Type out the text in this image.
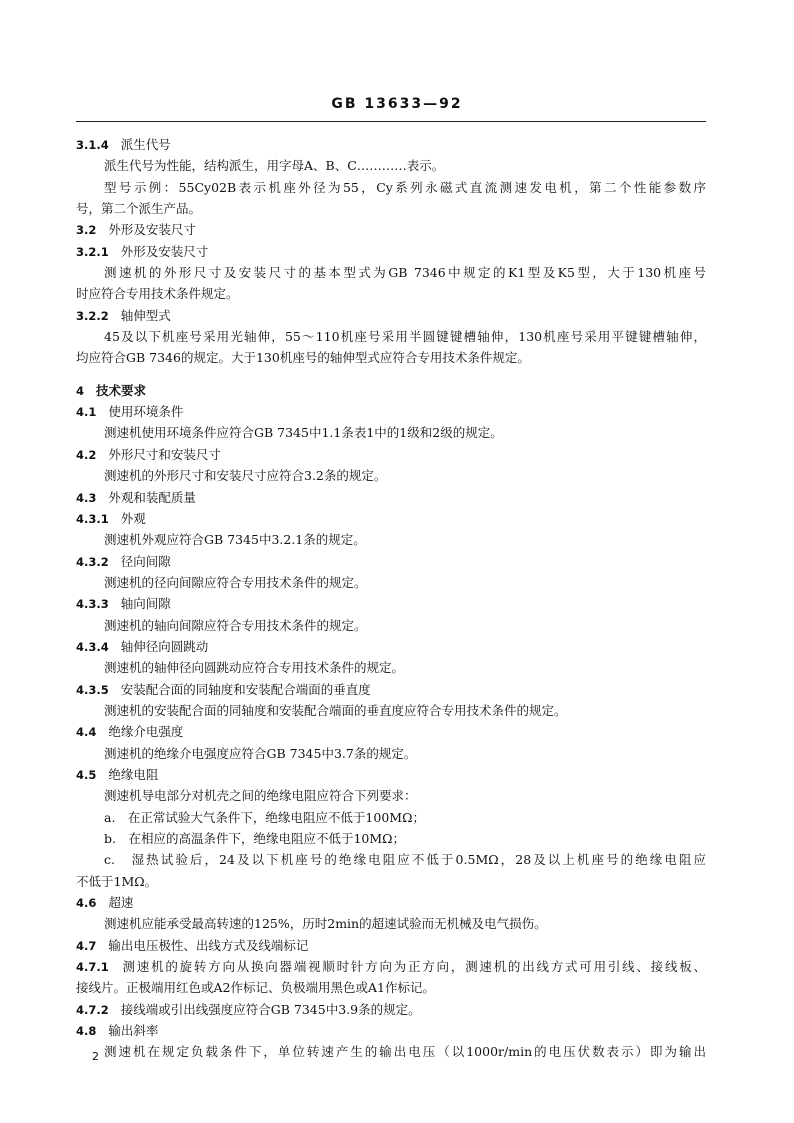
GB 13633—92
3.1.4 派生代号
派生代号为性能，结构派生，用字母A、B、C…………表示。
型号示例：55Cy02B表示机座外径为55，Cy系列永磁式直流测速发电机，第二个性能参数序
号，第二个派生产品。
3.2 外形及安装尺寸
3.2.1 外形及安装尺寸
测速机的外形尺寸及安装尺寸的基本型式为GB 7346中规定的K1型及K5型，大于130机座号
时应符合专用技术条件规定。
3.2.2 轴伸型式
45及以下机座号采用光轴伸，55～110机座号采用半圆键键槽轴伸，130机座号采用平键键槽轴伸，
均应符合GB 7346的规定。大于130机座号的轴伸型式应符合专用技术条件规定。
4 技术要求
4.1 使用环境条件
测速机使用环境条件应符合GB 7345中1.1条表1中的1级和2级的规定。
4.2 外形尺寸和安装尺寸
测速机的外形尺寸和安装尺寸应符合3.2条的规定。
4.3 外观和装配质量
4.3.1 外观
测速机外观应符合GB 7345中3.2.1条的规定。
4.3.2 径向间隙
测速机的径向间隙应符合专用技术条件的规定。
4.3.3 轴向间隙
测速机的轴向间隙应符合专用技术条件的规定。
4.3.4 轴伸径向圆跳动
测速机的轴伸径向圆跳动应符合专用技术条件的规定。
4.3.5 安装配合面的同轴度和安装配合端面的垂直度
测速机的安装配合面的同轴度和安装配合端面的垂直度应符合专用技术条件的规定。
4.4 绝缘介电强度
测速机的绝缘介电强度应符合GB 7345中3.7条的规定。
4.5 绝缘电阻
测速机导电部分对机壳之间的绝缘电阻应符合下列要求：
a.　在正常试验大气条件下，绝缘电阻应不低于100MΩ；
b.　在相应的高温条件下，绝缘电阻应不低于10MΩ；
c.　湿热试验后，24及以下机座号的绝缘电阻应不低于0.5MΩ，28及以上机座号的绝缘电阻应
不低于1MΩ。
4.6 超速
测速机应能承受最高转速的125%，历时2min的超速试验而无机械及电气损伤。
4.7 输出电压极性、出线方式及线端标记
4.7.1 测速机的旋转方向从换向器端视顺时针方向为正方向，测速机的出线方式可用引线、接线板、
接线片。正极端用红色或A2作标记、负极端用黑色或A1作标记。
4.7.2 接线端或引出线强度应符合GB 7345中3.9条的规定。
4.8 输出斜率
测速机在规定负载条件下，单位转速产生的输出电压（以1000r/min的电压伏数表示）即为输出
2
